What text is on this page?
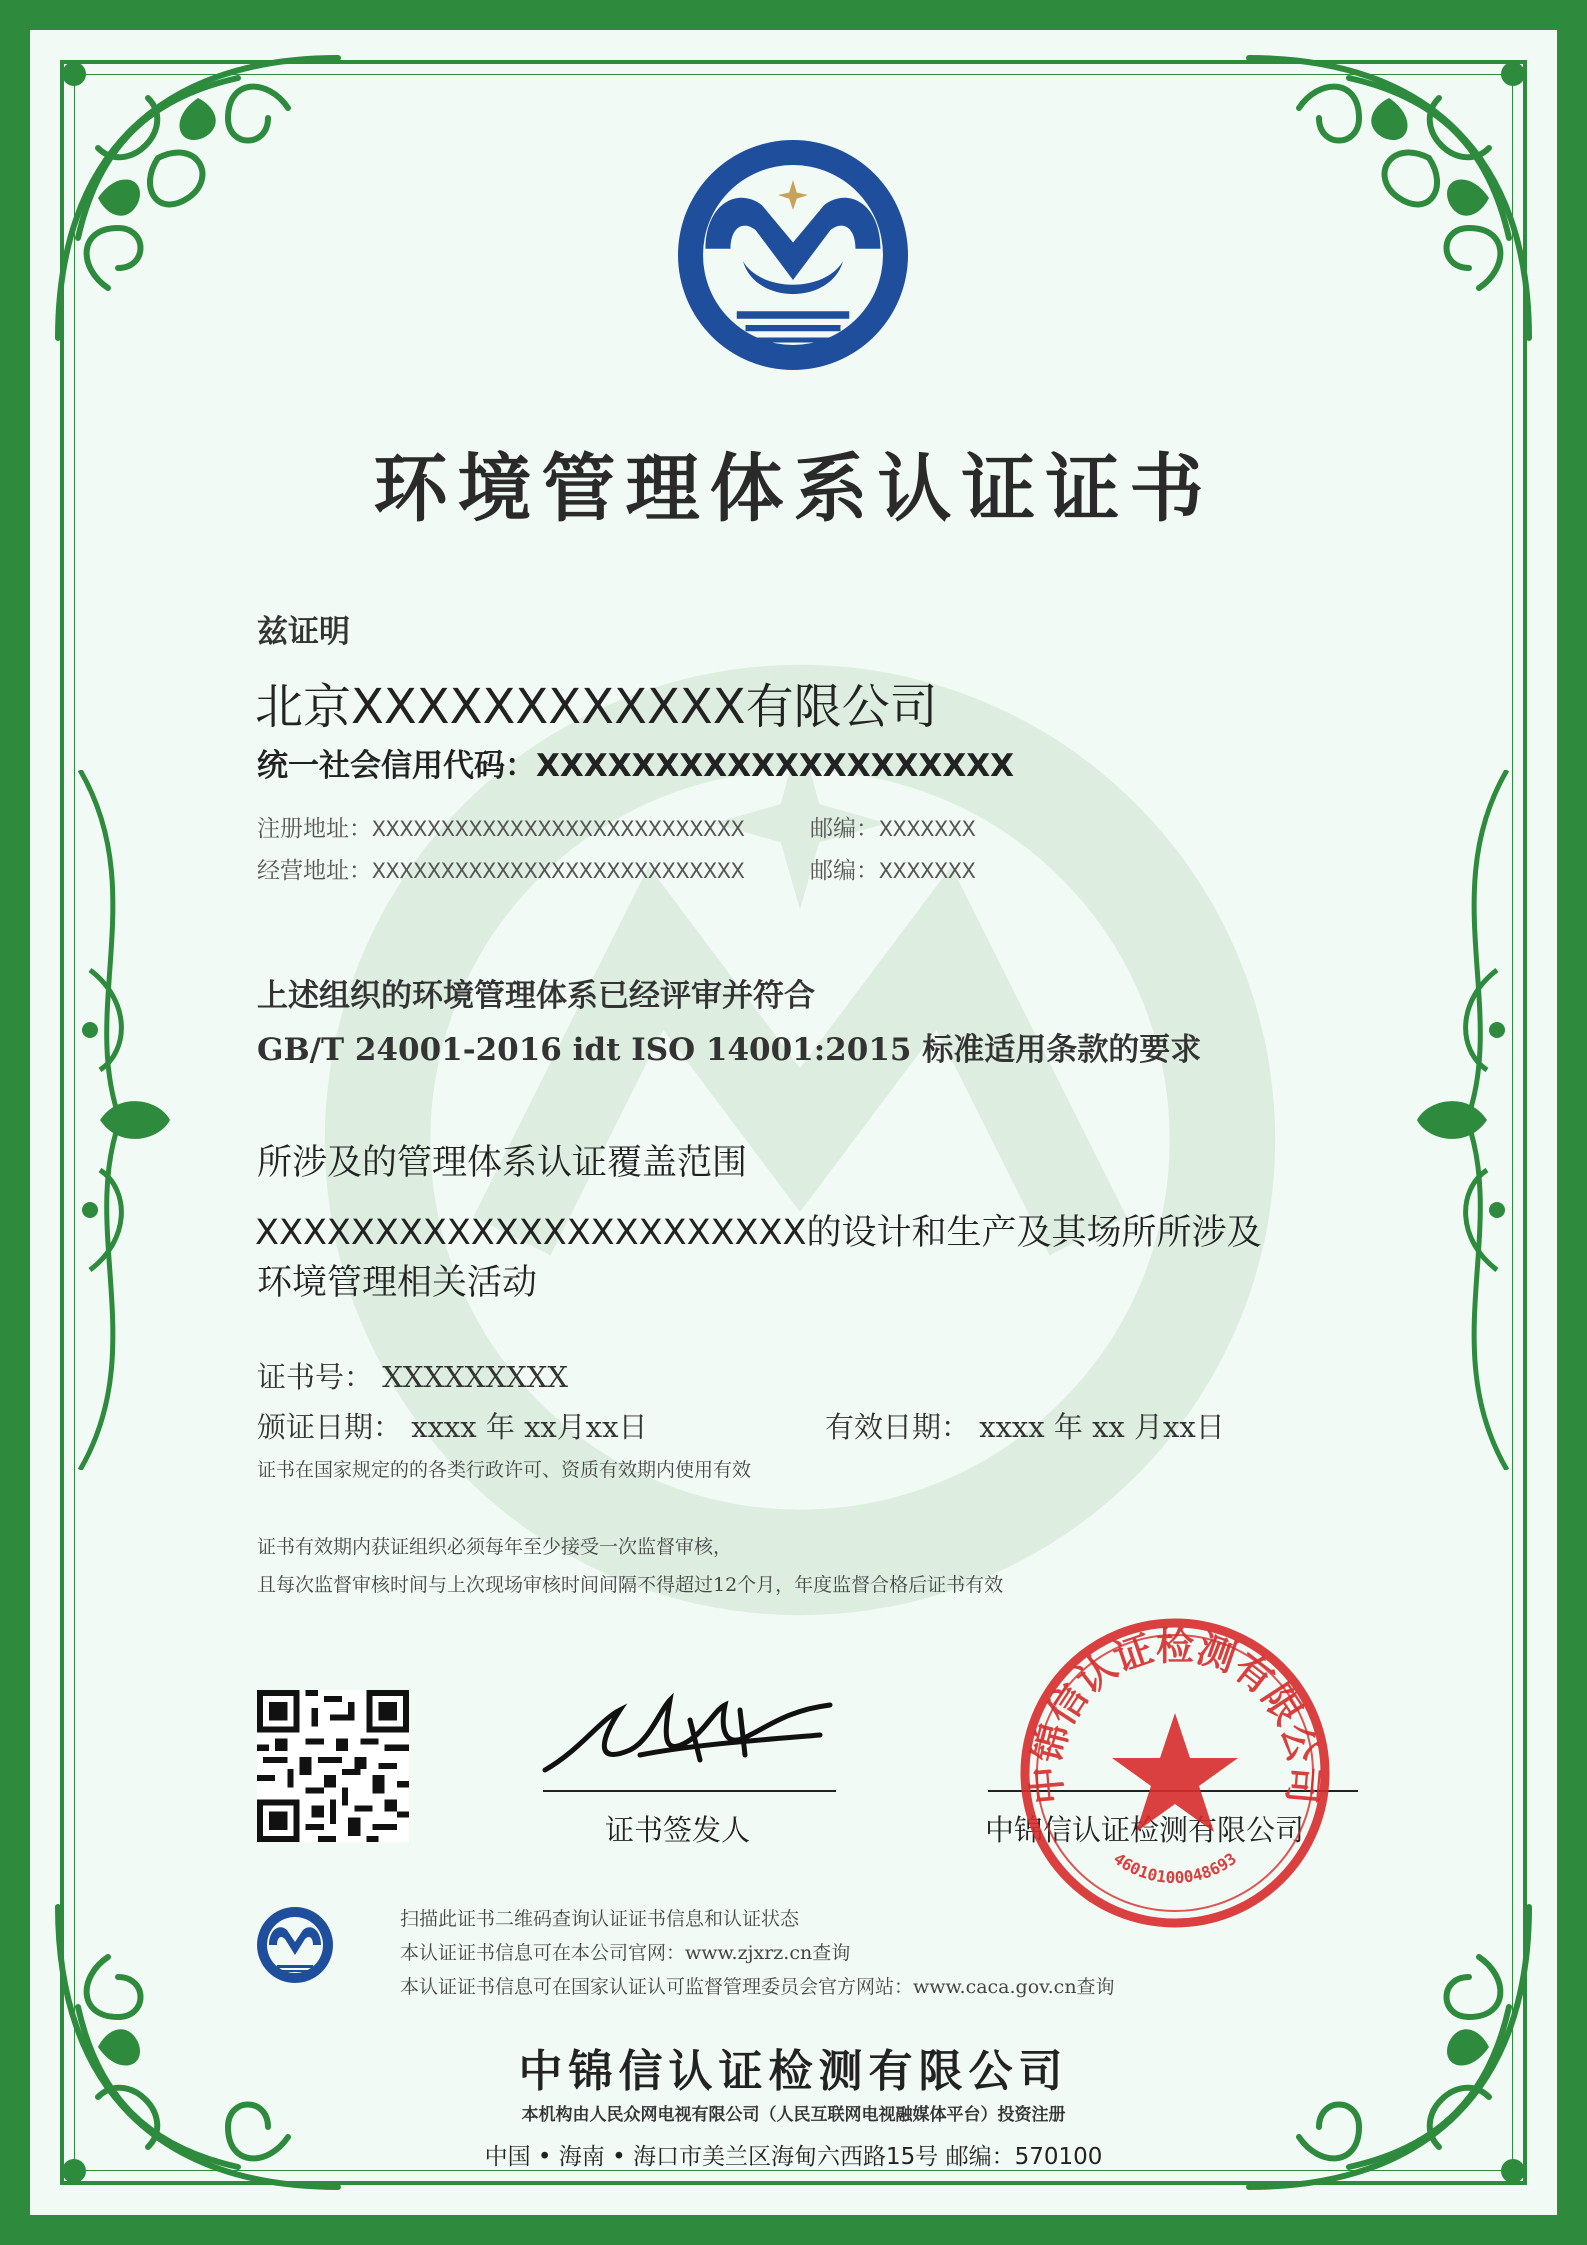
环境管理体系认证证书
兹证明
北京XXXXXXXXXXXX有限公司
统一社会信用代码：XXXXXXXXXXXXXXXXXXXX
注册地址：XXXXXXXXXXXXXXXXXXXXXXXXXXX	邮编：XXXXXXX
经营地址：XXXXXXXXXXXXXXXXXXXXXXXXXXX	邮编：XXXXXXX
上述组织的环境管理体系已经评审并符合
GB/T 24001-2016 idt ISO 14001:2015 标准适用条款的要求
所涉及的管理体系认证覆盖范围
XXXXXXXXXXXXXXXXXXXXXXX的设计和生产及其场所所涉及
环境管理相关活动
证书号： XXXXXXXXX
颁证日期： xxxx 年 xx月xx日	有效日期： xxxx 年 xx 月xx日
证书在国家规定的的各类行政许可、资质有效期内使用有效
证书有效期内获证组织必须每年至少接受一次监督审核，
且每次监督审核时间与上次现场审核时间间隔不得超过12个月，年度监督合格后证书有效
证书签发人	中锦信认证检测有限公司
中锦信认证检测有限公司
4601010004869З
扫描此证书二维码查询认证证书信息和认证状态
本认证证书信息可在本公司官网：www.zjxrz.cn查询
本认证证书信息可在国家认证认可监督管理委员会官方网站：www.caca.gov.cn查询
中锦信认证检测有限公司
本机构由人民众网电视有限公司（人民互联网电视融媒体平台）投资注册
中国 • 海南 • 海口市美兰区海甸六西路15号 邮编：570100
